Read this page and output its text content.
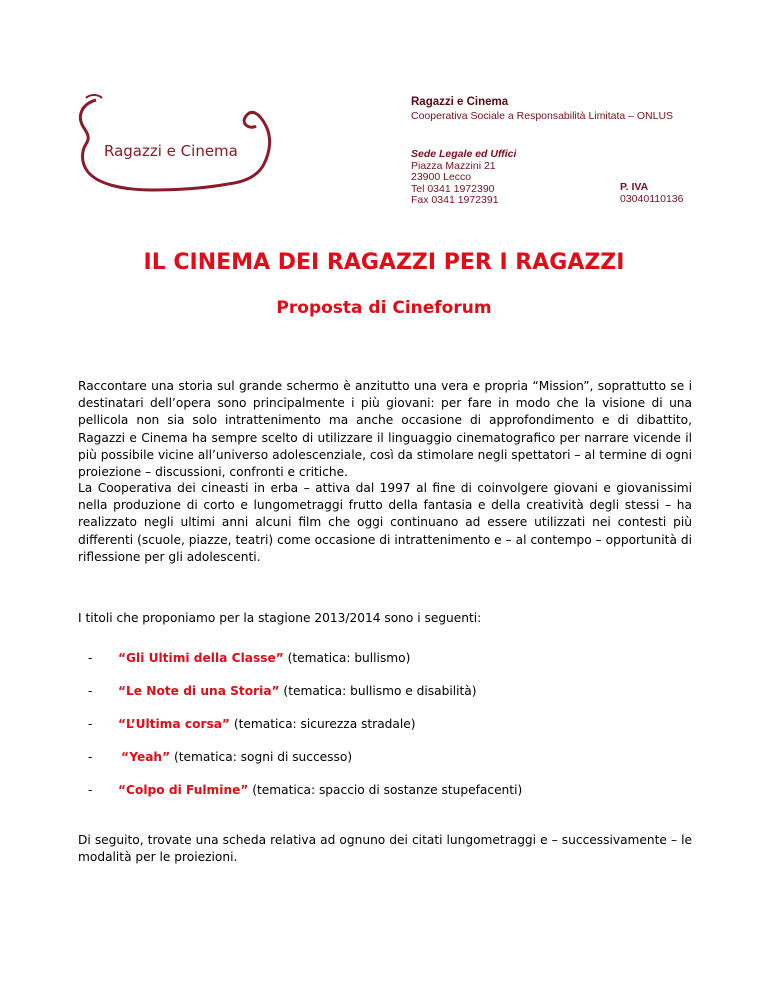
Ragazzi e Cinema
Ragazzi e Cinema
Cooperativa Sociale a Responsabilità Limitata – ONLUS
Sede Legale ed Uffici
Piazza Mazzini 21
23900 Lecco
Tel 0341 1972390
Fax 0341 1972391
P. IVA
03040110136
IL CINEMA DEI RAGAZZI PER I RAGAZZI
Proposta di Cineforum
Raccontare una storia sul grande schermo è anzitutto una vera e propria “Mission”, soprattutto se i destinatari dell’opera sono principalmente i più giovani: per fare in modo che la visione di una pellicola non sia solo intrattenimento ma anche occasione di approfondimento e di dibattito, Ragazzi e Cinema ha sempre scelto di utilizzare il linguaggio cinematografico per narrare vicende il più possibile vicine all’universo adolescenziale, così da stimolare negli spettatori – al termine di ogni proiezione – discussioni, confronti e critiche.
La Cooperativa dei cineasti in erba – attiva dal 1997 al fine di coinvolgere giovani e giovanissimi nella produzione di corto e lungometraggi frutto della fantasia e della creatività degli stessi – ha realizzato negli ultimi anni alcuni film che oggi continuano ad essere utilizzati nei contesti più differenti (scuole, piazze, teatri) come occasione di intrattenimento e – al contempo – opportunità di riflessione per gli adolescenti.
I titoli che proponiamo per la stagione 2013/2014 sono i seguenti:
- “Gli Ultimi della Classe” (tematica: bullismo)
- “Le Note di una Storia” (tematica: bullismo e disabilità)
- “L’Ultima corsa” (tematica: sicurezza stradale)
- “Yeah” (tematica: sogni di successo)
- “Colpo di Fulmine” (tematica: spaccio di sostanze stupefacenti)
Di seguito, trovate una scheda relativa ad ognuno dei citati lungometraggi e – successivamente – le modalità per le proiezioni.
